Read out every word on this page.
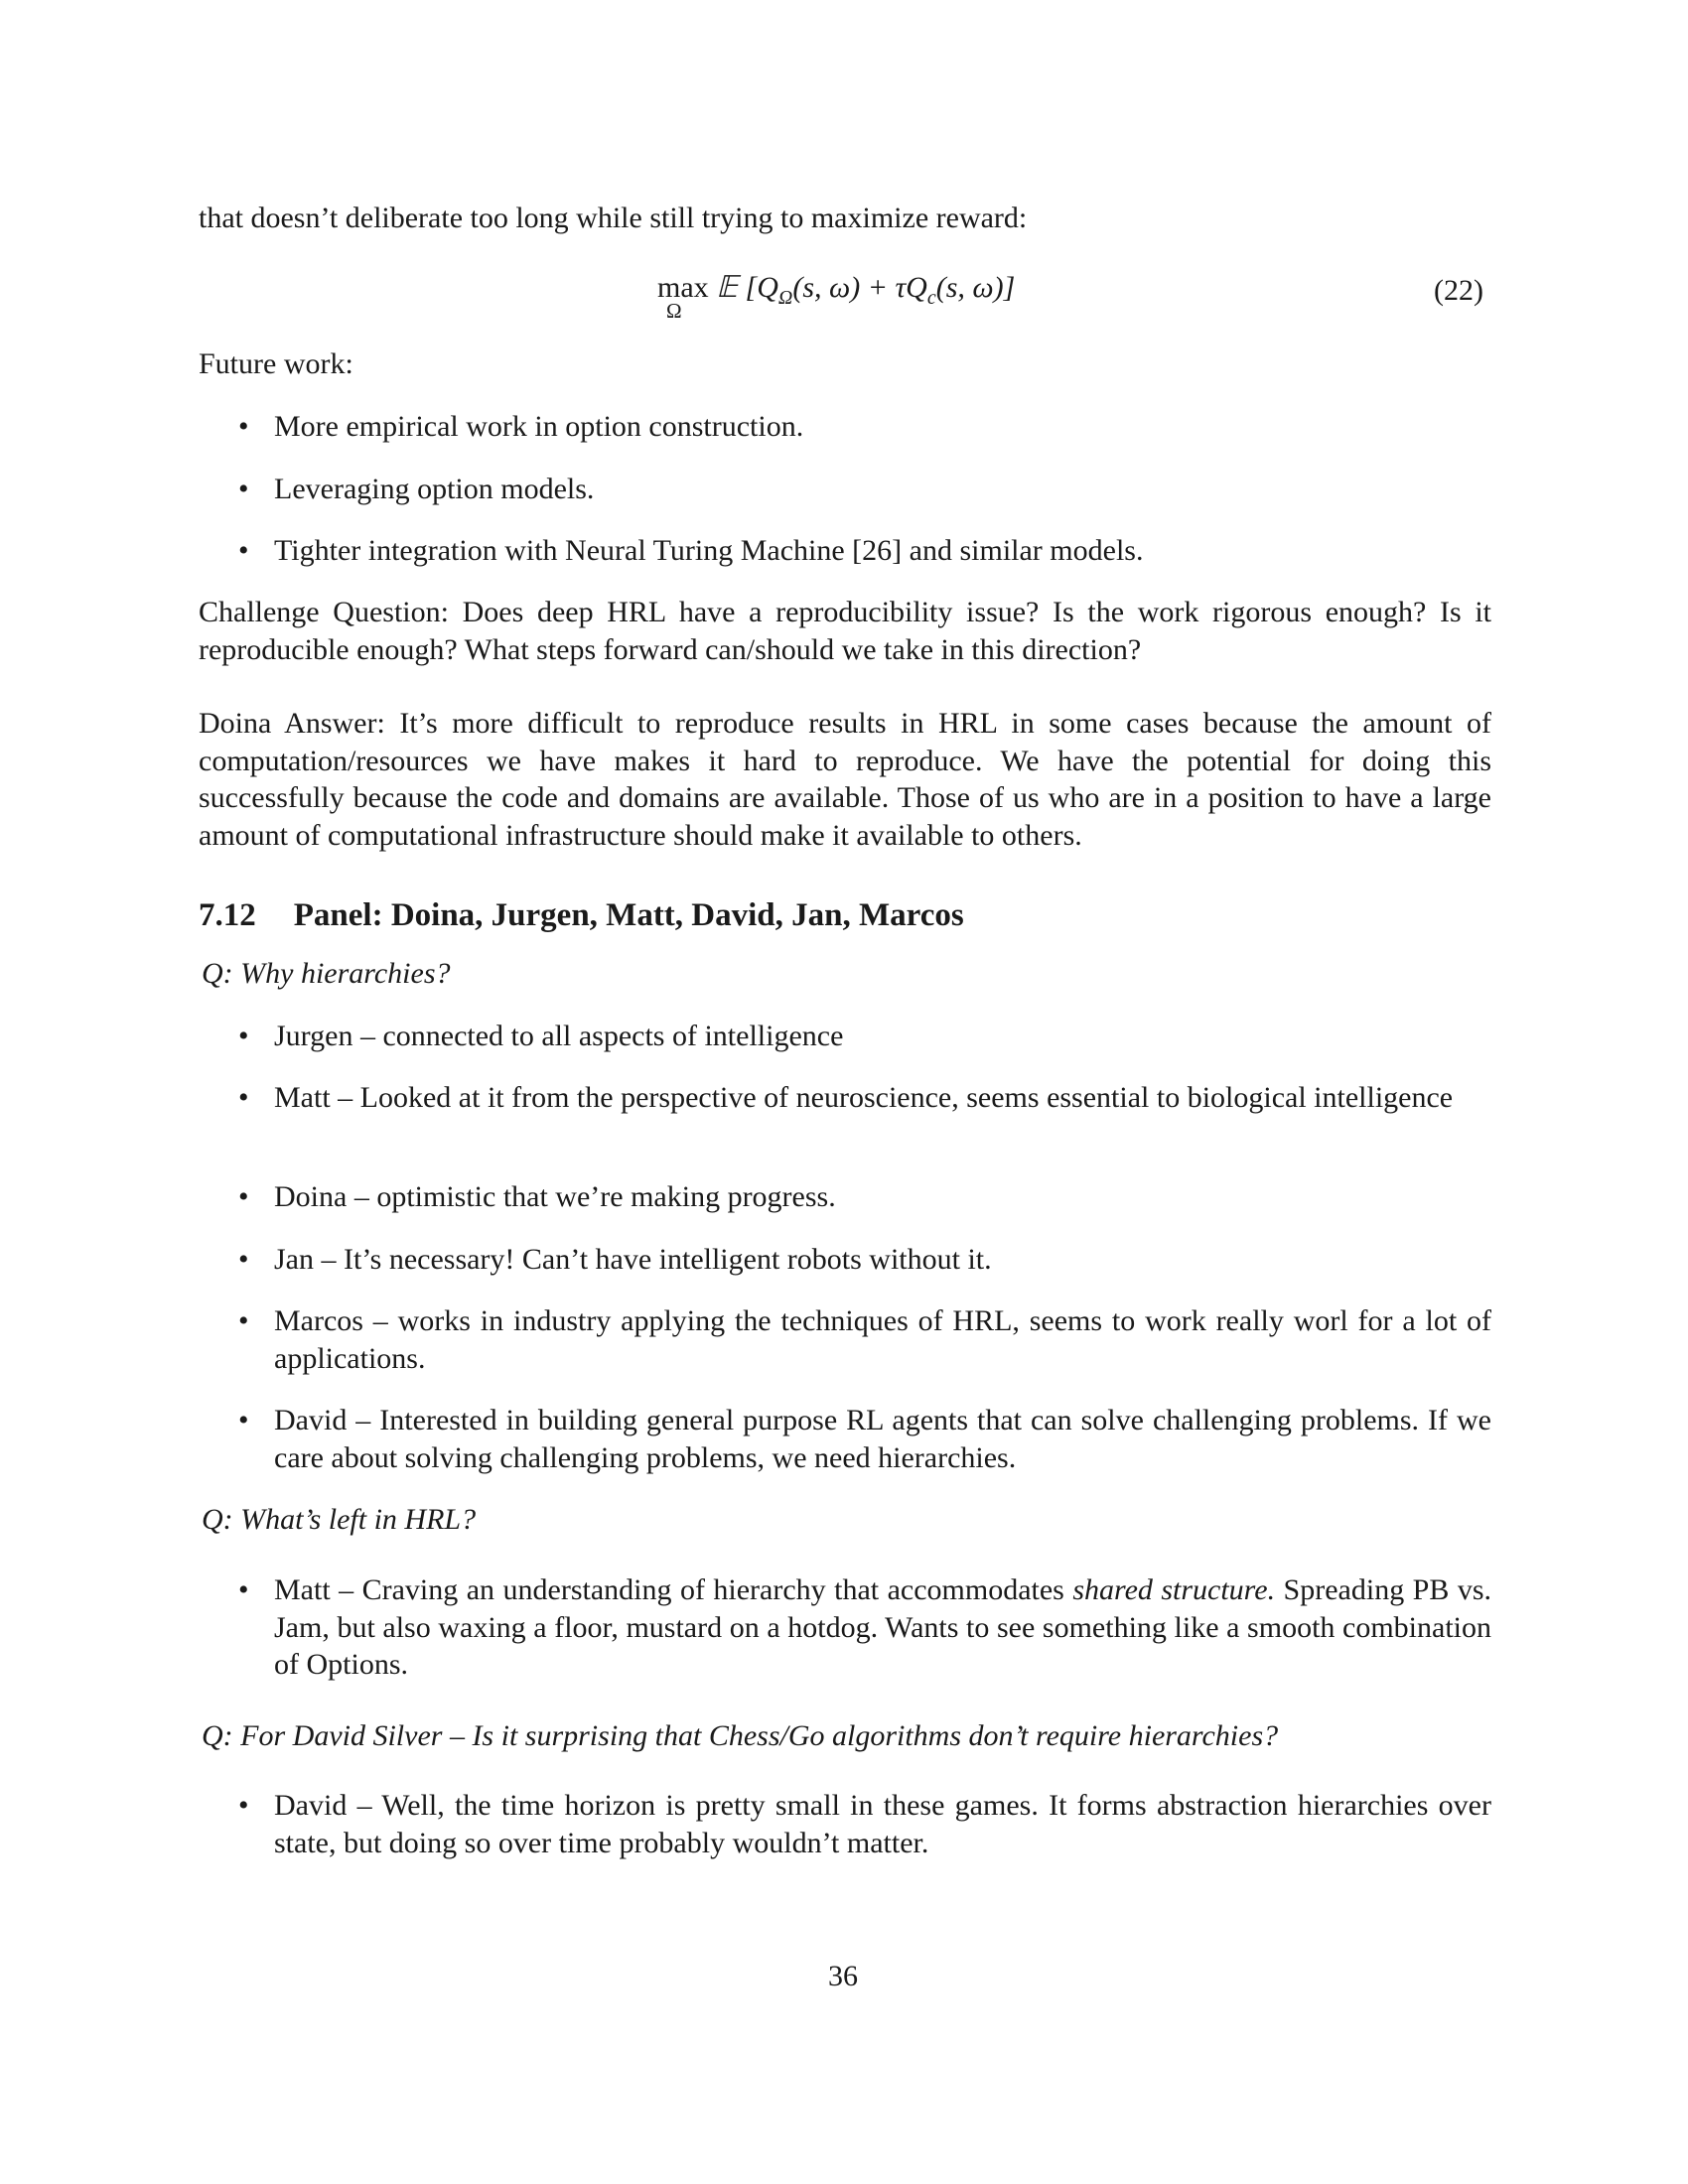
that doesn’t deliberate too long while still trying to maximize reward:
max
Ω
𝔼 [$Q_\Omega(s$, $\omega) + \tau Q_c(s$, ω)]	(22)
Future work:
• More empirical work in option construction.
• Leveraging option models.
• Tighter integration with Neural Turing Machine [26] and similar models.
Challenge Question: Does deep HRL have a reproducibility issue? Is the work rigorous enough? Is it reproducible enough? What steps forward can/should we take in this direction?
Doina Answer: It’s more difficult to reproduce results in HRL in some cases because the amount of computation/resources we have makes it hard to reproduce. We have the potential for doing this successfully because the code and domains are available. Those of us who are in a position to have a large amount of computational infrastructure should make it available to others.
7.12 Panel: Doina, Jurgen, Matt, David, Jan, Marcos
Q: Why hierarchies?
• Jurgen – connected to all aspects of intelligence
• Matt – Looked at it from the perspective of neuroscience, seems essential to biological intelligence
• Doina – optimistic that we’re making progress.
• Jan – It’s necessary! Can’t have intelligent robots without it.
• Marcos – works in industry applying the techniques of HRL, seems to work really worl for a lot of applications.
• David – Interested in building general purpose RL agents that can solve challenging problems. If we care about solving challenging problems, we need hierarchies.
Q: What’s left in HRL?
• Matt – Craving an understanding of hierarchy that accommodates shared structure. Spreading PB vs. Jam, but also waxing a floor, mustard on a hotdog. Wants to see something like a smooth combination of Options.
Q: For David Silver – Is it surprising that Chess/Go algorithms don’t require hierarchies?
• David – Well, the time horizon is pretty small in these games. It forms abstraction hierarchies over state, but doing so over time probably wouldn’t matter.
36
